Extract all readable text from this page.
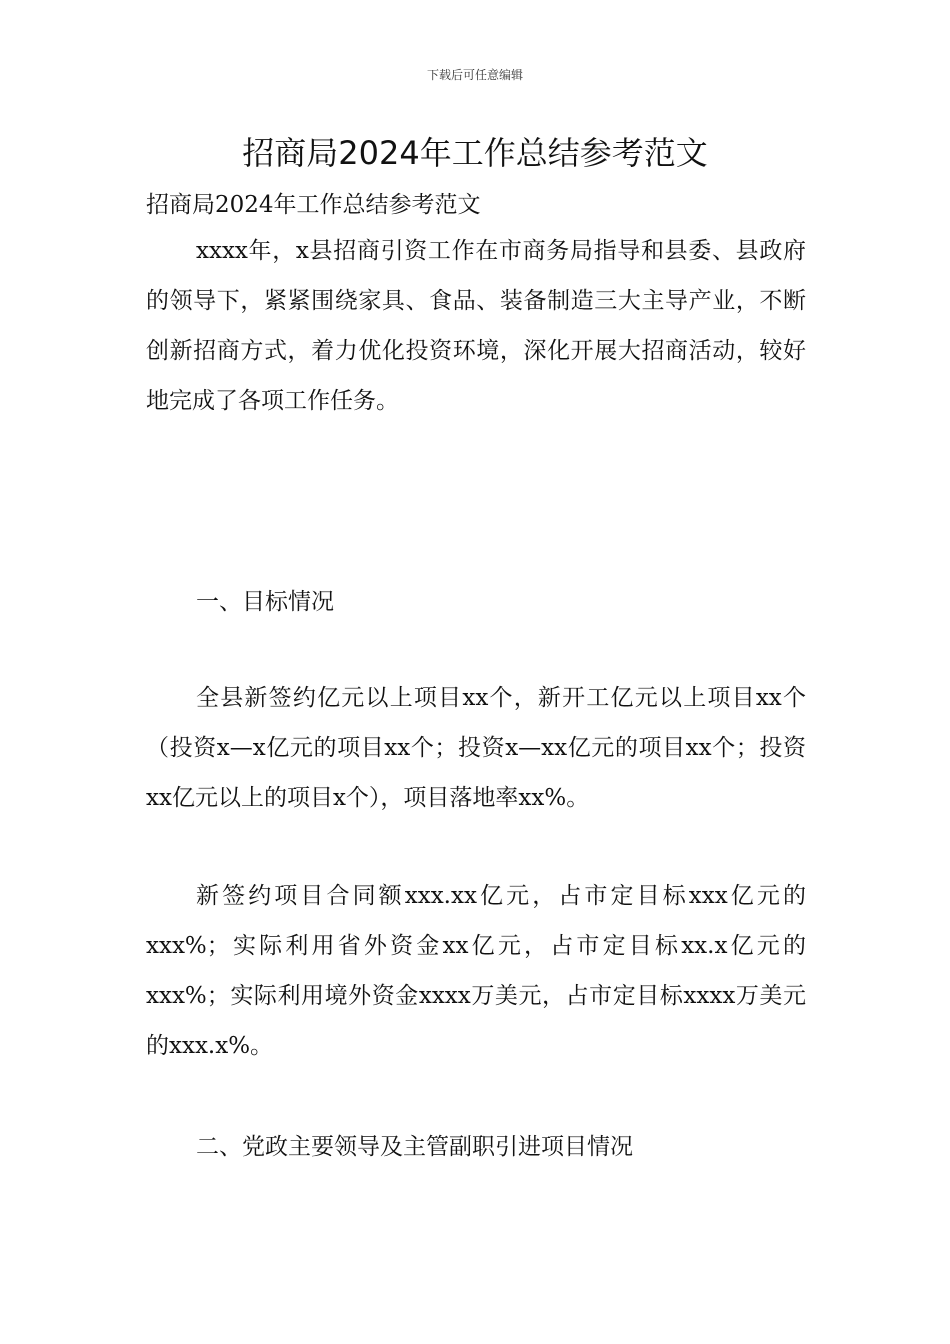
下载后可任意编辑
招商局2024年工作总结参考范文
招商局2024年工作总结参考范文

xxxx年，x县招商引资工作在市商务局指导和县委、县政府的领导下，紧紧围绕家具、食品、装备制造三大主导产业，不断创新招商方式，着力优化投资环境，深化开展大招商活动，较好地完成了各项工作任务。

一、目标情况

全县新签约亿元以上项目xx个，新开工亿元以上项目xx个（投资x—x亿元的项目xx个；投资x—xx亿元的项目xx个；投资xx亿元以上的项目x个），项目落地率xx%。

新签约项目合同额xxx.xx亿元，占市定目标xxx亿元的xxx%；实际利用省外资金xx亿元，占市定目标xx.x亿元的xxx%；实际利用境外资金xxxx万美元，占市定目标xxxx万美元的xxx.x%。

二、党政主要领导及主管副职引进项目情况
